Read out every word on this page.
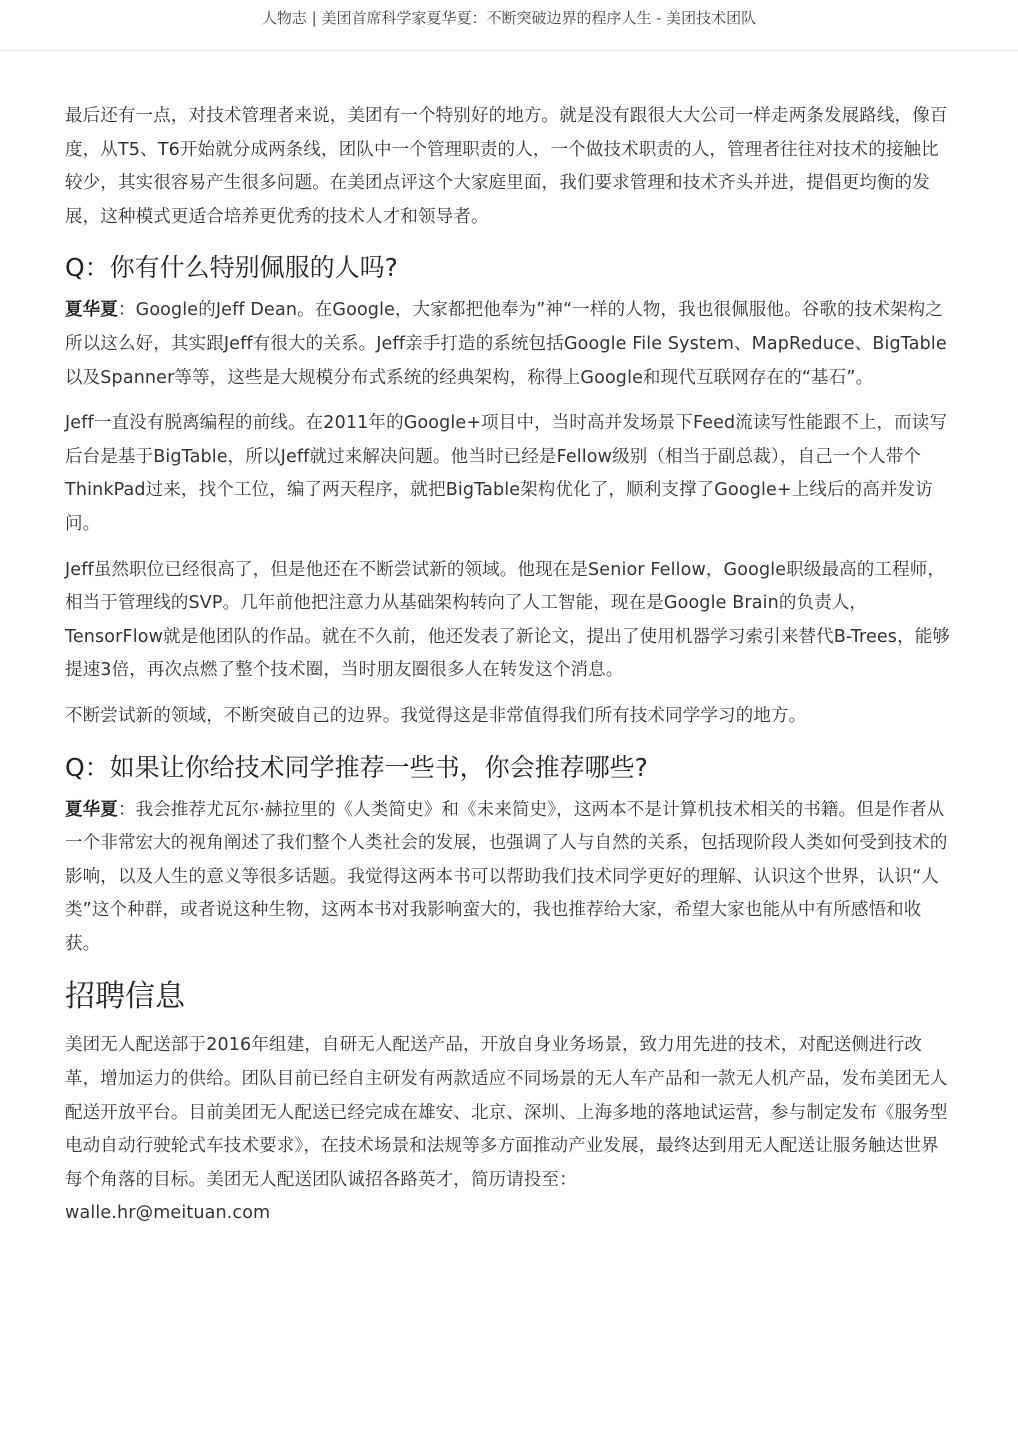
人物志 | 美团首席科学家夏华夏：不断突破边界的程序人生 - 美团技术团队

最后还有一点，对技术管理者来说，美团有一个特别好的地方。就是没有跟很大大公司一样走两条发展路线，像百度，从T5、T6开始就分成两条线，团队中一个管理职责的人，一个做技术职责的人，管理者往往对技术的接触比较少，其实很容易产生很多问题。在美团点评这个大家庭里面，我们要求管理和技术齐头并进，提倡更均衡的发展，这种模式更适合培养更优秀的技术人才和领导者。

Q：你有什么特别佩服的人吗?

夏华夏：Google的Jeff Dean。在Google，大家都把他奉为”神“一样的人物，我也很佩服他。谷歌的技术架构之所以这么好，其实跟Jeff有很大的关系。Jeff亲手打造的系统包括Google File System、MapReduce、BigTable以及Spanner等等，这些是大规模分布式系统的经典架构，称得上Google和现代互联网存在的“基石”。

Jeff一直没有脱离编程的前线。在2011年的Google+项目中，当时高并发场景下Feed流读写性能跟不上，而读写后台是基于BigTable，所以Jeff就过来解决问题。他当时已经是Fellow级别（相当于副总裁），自己一个人带个ThinkPad过来，找个工位，编了两天程序，就把BigTable架构优化了，顺利支撑了Google+上线后的高并发访问。

Jeff虽然职位已经很高了，但是他还在不断尝试新的领域。他现在是Senior Fellow，Google职级最高的工程师，相当于管理线的SVP。几年前他把注意力从基础架构转向了人工智能，现在是Google Brain的负责人，TensorFlow就是他团队的作品。就在不久前，他还发表了新论文，提出了使用机器学习索引来替代B-Trees，能够提速3倍，再次点燃了整个技术圈，当时朋友圈很多人在转发这个消息。

不断尝试新的领域，不断突破自己的边界。我觉得这是非常值得我们所有技术同学学习的地方。

Q：如果让你给技术同学推荐一些书，你会推荐哪些?

夏华夏：我会推荐尤瓦尔·赫拉里的《人类简史》和《未来简史》，这两本不是计算机技术相关的书籍。但是作者从一个非常宏大的视角阐述了我们整个人类社会的发展，也强调了人与自然的关系，包括现阶段人类如何受到技术的影响，以及人生的意义等很多话题。我觉得这两本书可以帮助我们技术同学更好的理解、认识这个世界，认识“人类”这个种群，或者说这种生物，这两本书对我影响蛮大的，我也推荐给大家，希望大家也能从中有所感悟和收获。

招聘信息

美团无人配送部于2016年组建，自研无人配送产品，开放自身业务场景，致力用先进的技术，对配送侧进行改革，增加运力的供给。团队目前已经自主研发有两款适应不同场景的无人车产品和一款无人机产品，发布美团无人配送开放平台。目前美团无人配送已经完成在雄安、北京、深圳、上海多地的落地试运营，参与制定发布《服务型电动自动行驶轮式车技术要求》，在技术场景和法规等多方面推动产业发展，最终达到用无人配送让服务触达世界每个角落的目标。美团无人配送团队诚招各路英才，简历请投至：
walle.hr@meituan.com
